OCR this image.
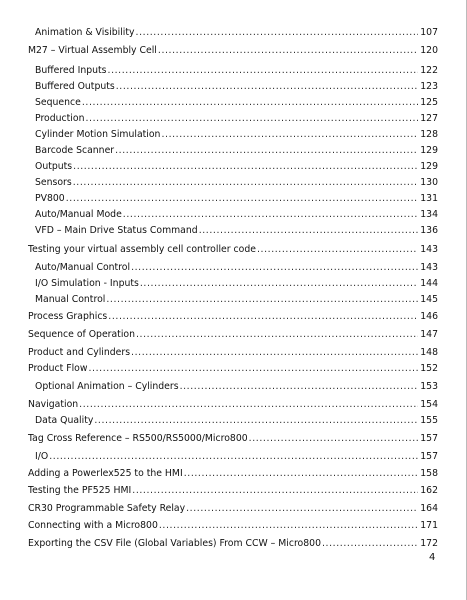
Animation & Visibility .....	107
M27 – Virtual Assembly Cell .....	120
Buffered Inputs .....	122
Buffered Outputs .....	123
Sequence .....	125
Production .....	127
Cylinder Motion Simulation .....	128
Barcode Scanner .....	129
Outputs .....	129
Sensors .....	130
PV800 .....	131
Auto/Manual Mode .....	134
VFD – Main Drive Status Command .....	136
Testing your virtual assembly cell controller code .....	143
Auto/Manual Control .....	143
I/O Simulation - Inputs .....	144
Manual Control .....	145
Process Graphics .....	146
Sequence of Operation .....	147
Product and Cylinders .....	148
Product Flow .....	152
Optional Animation – Cylinders .....	153
Navigation .....	154
Data Quality .....	155
Tag Cross Reference – RS500/RS5000/Micro800 .....	157
I/O .....	157
Adding a Powerlex525 to the HMI .....	158
Testing the PF525 HMI .....	162
CR30 Programmable Safety Relay .....	164
Connecting with a Micro800 .....	171
Exporting the CSV File (Global Variables) From CCW – Micro800 .....	172
4
